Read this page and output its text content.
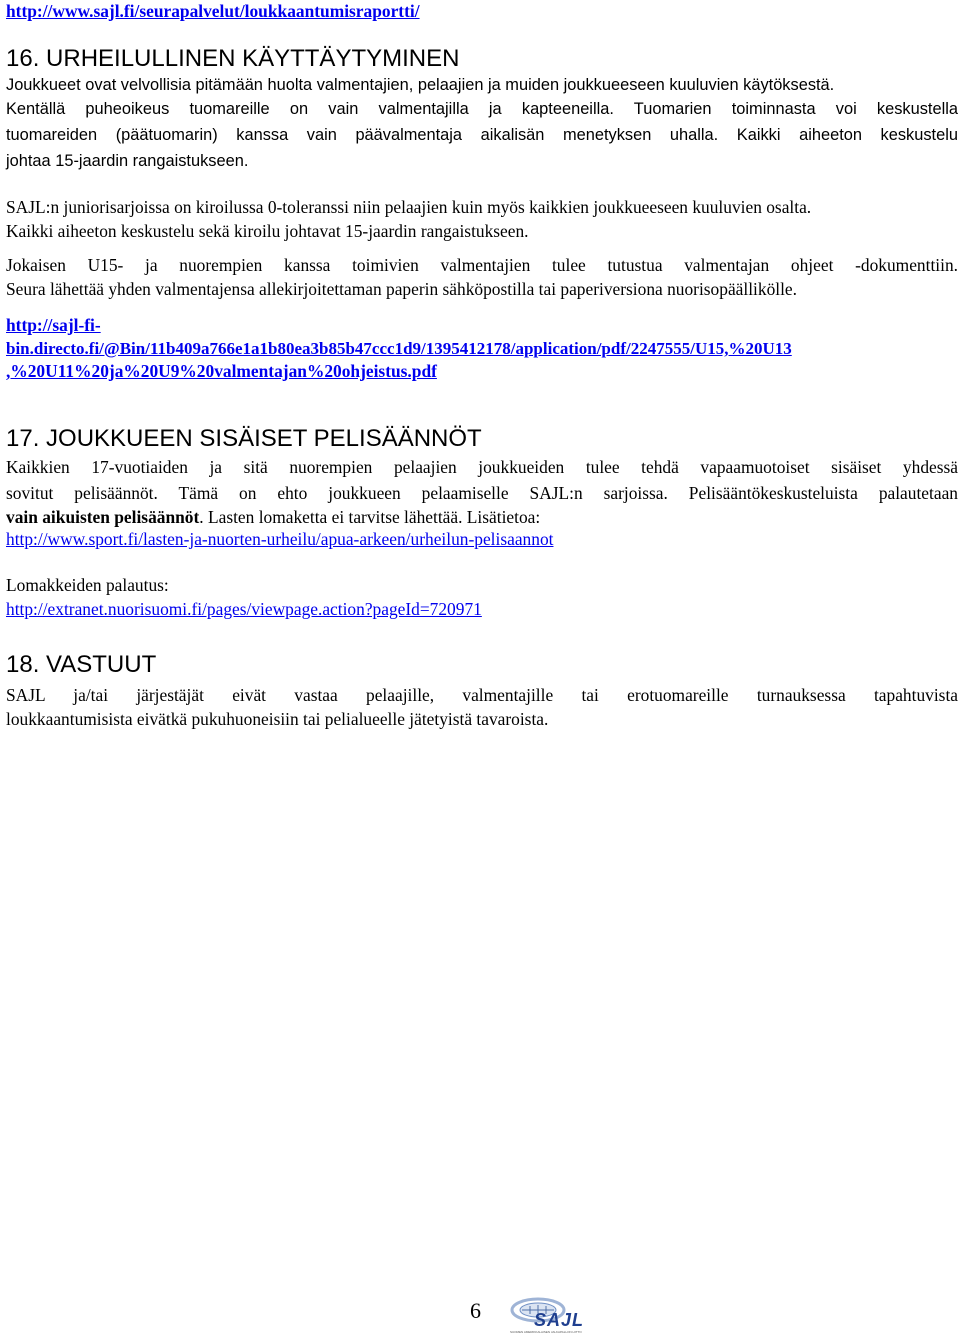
http://www.sajl.fi/seurapalvelut/loukkaantumisraportti/
16. URHEILULLINEN KÄYTTÄYTYMINEN
Joukkueet ovat velvollisia pitämään huolta valmentajien, pelaajien ja muiden joukkueeseen kuuluvien käytöksestä.
Kentällä puheoikeus tuomareille on vain valmentajilla ja kapteeneilla. Tuomarien toiminnasta voi keskustella
tuomareiden (päätuomarin) kanssa vain päävalmentaja aikalisän menetyksen uhalla. Kaikki aiheeton keskustelu
johtaa 15-jaardin rangaistukseen.
SAJL:n juniorisarjoissa on kiroilussa 0-toleranssi niin pelaajien kuin myös kaikkien joukkueeseen kuuluvien osalta.
Kaikki aiheeton keskustelu sekä kiroilu johtavat 15-jaardin rangaistukseen.
Jokaisen U15- ja nuorempien kanssa toimivien valmentajien tulee tutustua valmentajan ohjeet -dokumenttiin.
Seura lähettää yhden valmentajensa allekirjoitettaman paperin sähköpostilla tai paperiversiona nuorisopäällikölle.
http://sajl-fi-
bin.directo.fi/@Bin/11b409a766e1a1b80ea3b85b47ccc1d9/1395412178/application/pdf/2247555/U15,%20U13
,%20U11%20ja%20U9%20valmentajan%20ohjeistus.pdf
17. JOUKKUEEN SISÄISET PELISÄÄNNÖT
Kaikkien 17-vuotiaiden ja sitä nuorempien pelaajien joukkueiden tulee tehdä vapaamuotoiset sisäiset yhdessä
sovitut pelisäännöt. Tämä on ehto joukkueen pelaamiselle SAJL:n sarjoissa. Pelisääntökeskusteluista palautetaan
vain aikuisten pelisäännöt. Lasten lomaketta ei tarvitse lähettää. Lisätietoa:
http://www.sport.fi/lasten-ja-nuorten-urheilu/apua-arkeen/urheilun-pelisaannot
Lomakkeiden palautus:
http://extranet.nuorisuomi.fi/pages/viewpage.action?pageId=720971
18. VASTUUT
SAJL ja/tai järjestäjät eivät vastaa pelaajille, valmentajille tai erotuomareille turnauksessa tapahtuvista
loukkaantumisista eivätkä pukuhuoneisiin tai pelialueelle jätetyistä tavaroista.
6	SAJL
SUOMEN AMERIKKALAISEN JALKAPALLON LIITTO
